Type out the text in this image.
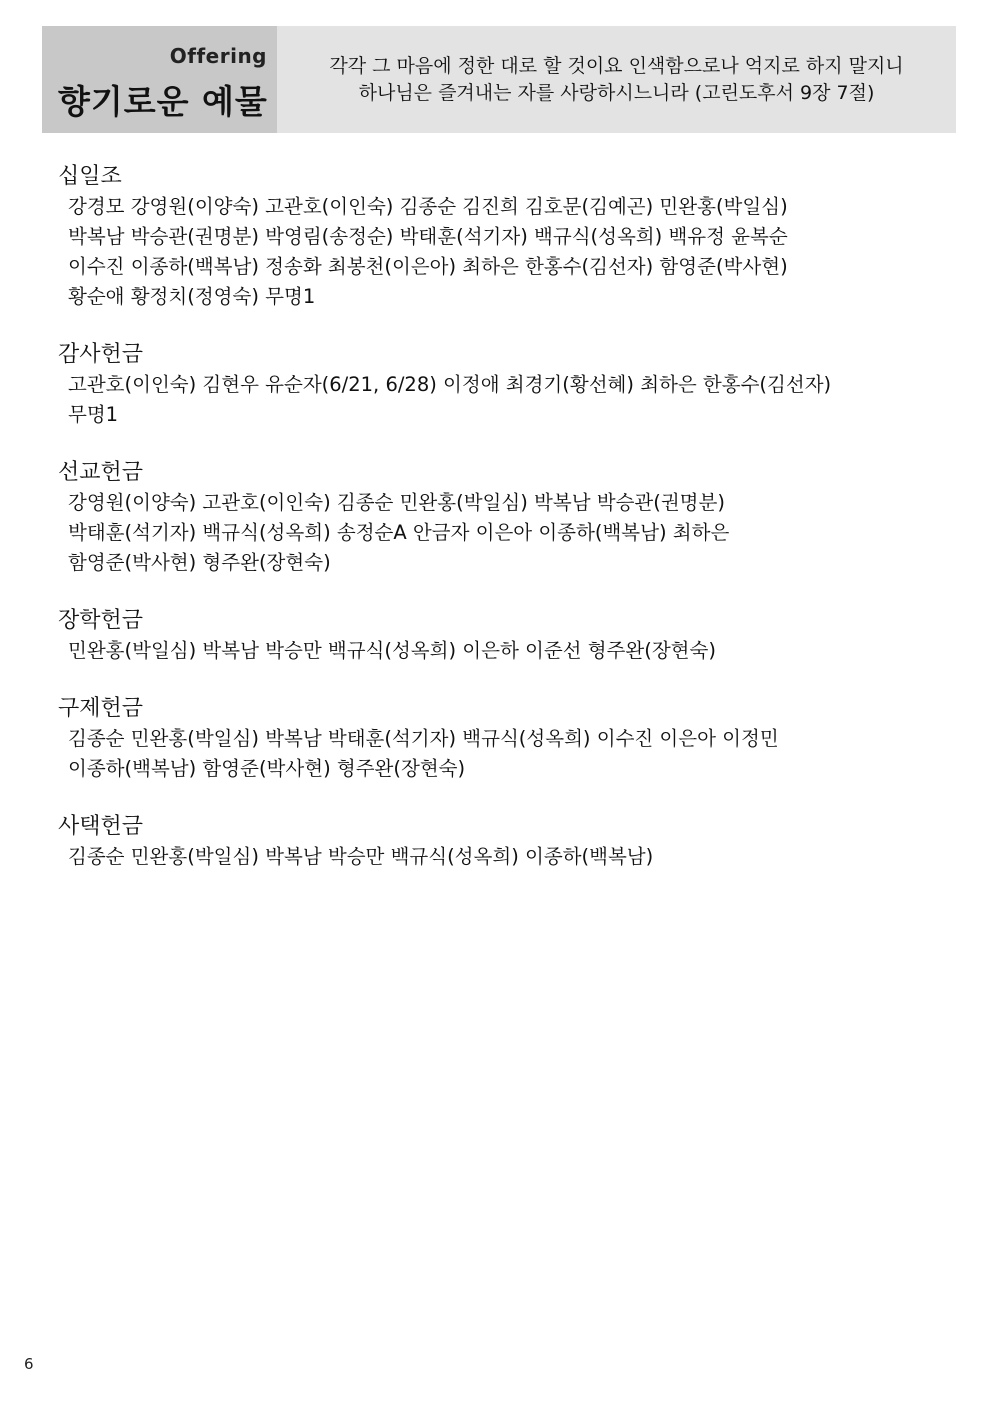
Offering
향기로운 예물
각각 그 마음에 정한 대로 할 것이요 인색함으로나 억지로 하지 말지니
하나님은 즐겨내는 자를 사랑하시느니라 (고린도후서 9장 7절)
십일조
강경모 강영원(이양숙) 고관호(이인숙) 김종순 김진희 김호문(김예곤) 민완홍(박일심)
박복남 박승관(권명분) 박영림(송정순) 박태훈(석기자) 백규식(성옥희) 백유정 윤복순
이수진 이종하(백복남) 정송화 최봉천(이은아) 최하은 한홍수(김선자) 함영준(박사현)
황순애 황정치(정영숙) 무명1
감사헌금
고관호(이인숙) 김현우 유순자(6/21, 6/28) 이정애 최경기(황선혜) 최하은 한홍수(김선자)
무명1
선교헌금
강영원(이양숙) 고관호(이인숙) 김종순 민완홍(박일심) 박복남 박승관(권명분)
박태훈(석기자) 백규식(성옥희) 송정순A 안금자 이은아 이종하(백복남) 최하은
함영준(박사현) 형주완(장현숙)
장학헌금
민완홍(박일심) 박복남 박승만 백규식(성옥희) 이은하 이준선 형주완(장현숙)
구제헌금
김종순 민완홍(박일심) 박복남 박태훈(석기자) 백규식(성옥희) 이수진 이은아 이정민
이종하(백복남) 함영준(박사현) 형주완(장현숙)
사택헌금
김종순 민완홍(박일심) 박복남 박승만 백규식(성옥희) 이종하(백복남)
6
